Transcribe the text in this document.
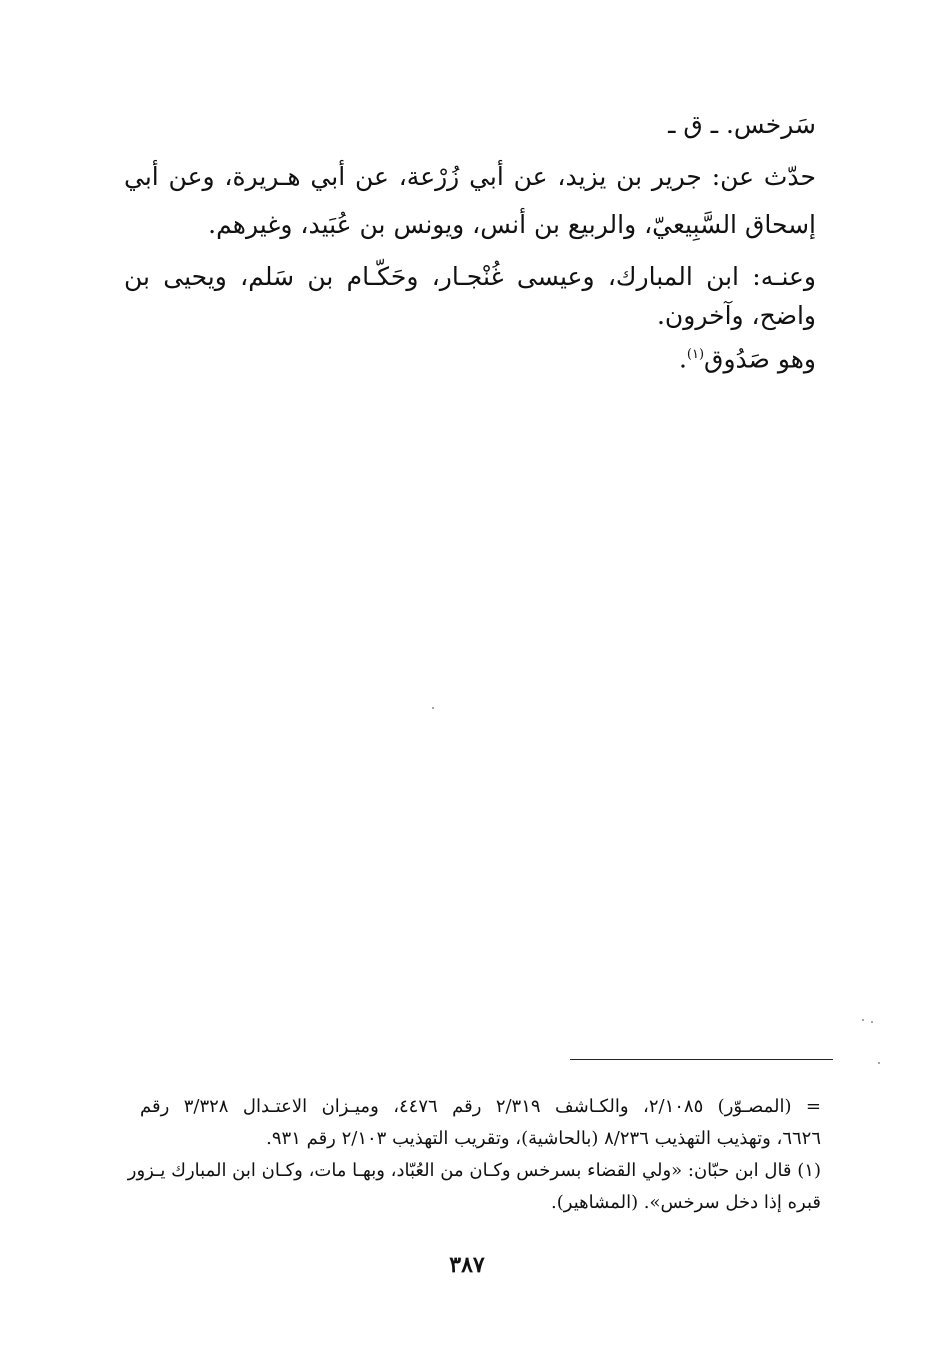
سَرخس. ـ ق ـ
حدّث عن: جرير بن يزيد، عن أبي زُرْعة، عن أبي هـريرة، وعن أبي
إسحاق السَّبِيعيّ، والربيع بن أنس، ويونس بن عُبَيد، وغيرهم.
وعنـه: ابن المبارك، وعيسى غُنْجـار، وحَكّـام بن سَلم، ويحيى بن
واضح، وآخرون.
وهو صَدُوق$^{(١)}$.
= (المصـوّر) ٢/١٠٨٥، والكـاشف ٢/٣١٩ رقم ٤٤٧٦، وميـزان الاعتـدال ٣/٣٢٨ رقم
٦٦٢٦، وتهذيب التهذيب ٨/٢٣٦ (بالحاشية)، وتقريب التهذيب ٢/١٠٣ رقم ٩٣١.
(١) قال ابن حبّان: «ولي القضاء بسرخس وكـان من العُبّاد، وبهـا مات، وكـان ابن المبارك يـزور
قبره إذا دخل سرخس». (المشاهير).
٣٨٧
